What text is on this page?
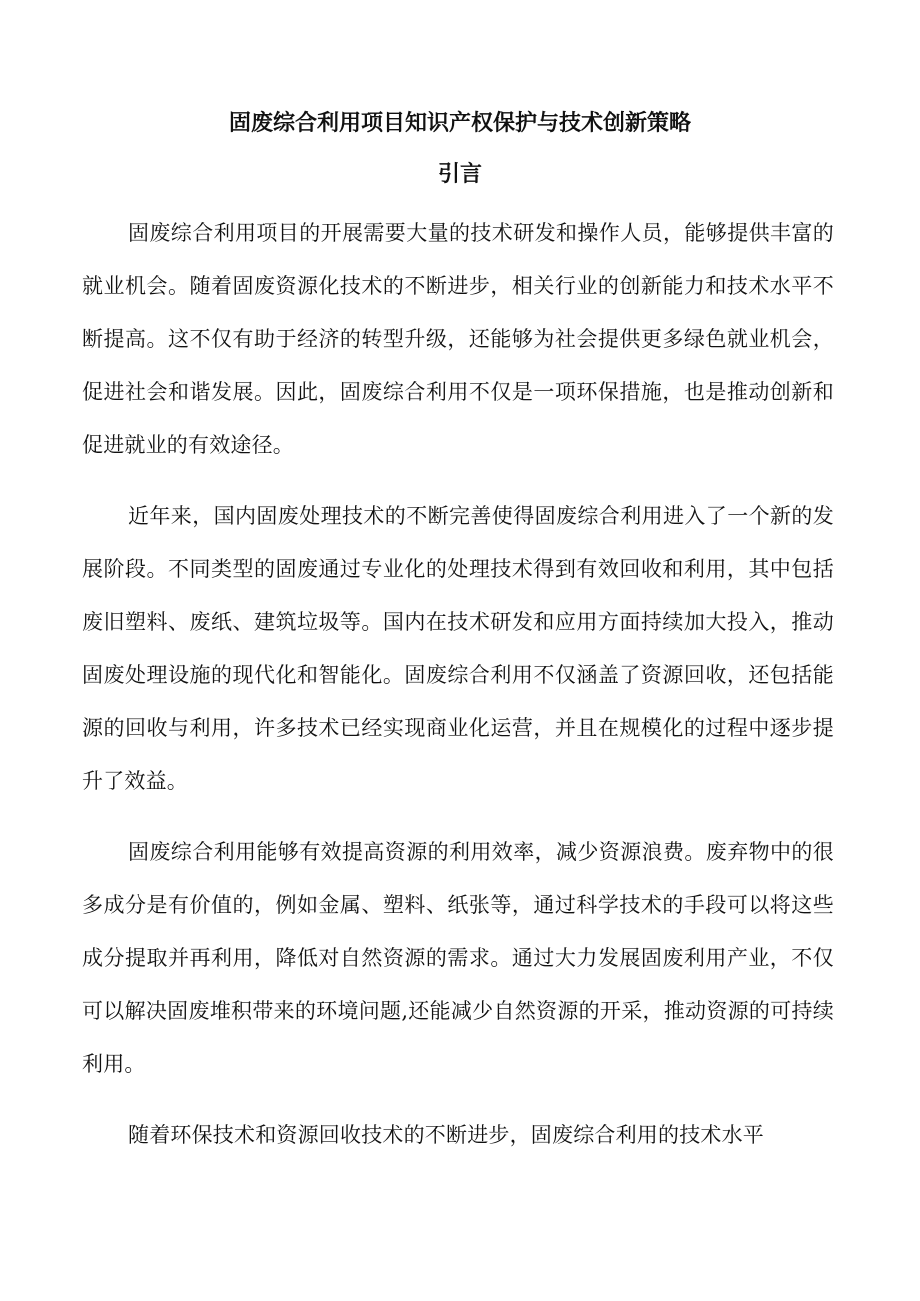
固废综合利用项目知识产权保护与技术创新策略
引言

固废综合利用项目的开展需要大量的技术研发和操作人员，能够提供丰富的就业机会。随着固废资源化技术的不断进步，相关行业的创新能力和技术水平不断提高。这不仅有助于经济的转型升级，还能够为社会提供更多绿色就业机会，促进社会和谐发展。因此，固废综合利用不仅是一项环保措施，也是推动创新和促进就业的有效途径。

近年来，国内固废处理技术的不断完善使得固废综合利用进入了一个新的发展阶段。不同类型的固废通过专业化的处理技术得到有效回收和利用，其中包括废旧塑料、废纸、建筑垃圾等。国内在技术研发和应用方面持续加大投入，推动固废处理设施的现代化和智能化。固废综合利用不仅涵盖了资源回收，还包括能源的回收与利用，许多技术已经实现商业化运营，并且在规模化的过程中逐步提升了效益。

固废综合利用能够有效提高资源的利用效率，减少资源浪费。废弃物中的很多成分是有价值的，例如金属、塑料、纸张等，通过科学技术的手段可以将这些成分提取并再利用，降低对自然资源的需求。通过大力发展固废利用产业，不仅可以解决固废堆积带来的环境问题,还能减少自然资源的开采，推动资源的可持续利用。

随着环保技术和资源回收技术的不断进步，固废综合利用的技术水平
